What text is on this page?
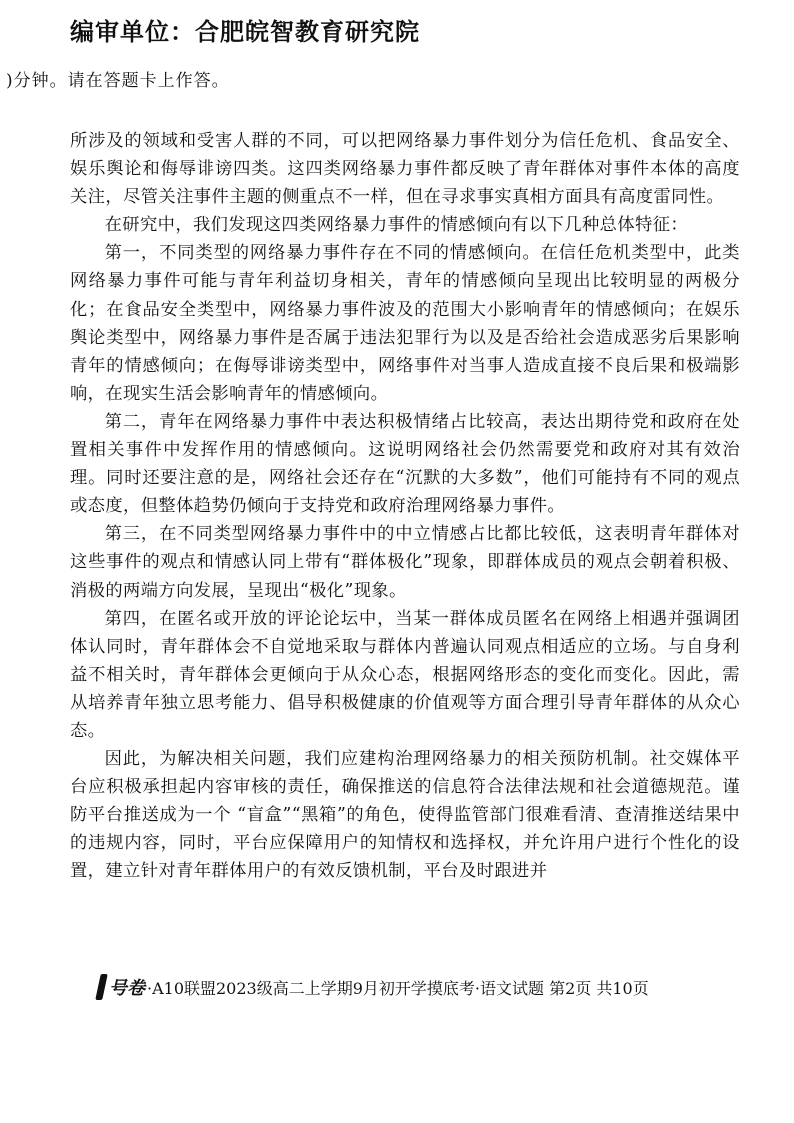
编审单位：合肥皖智教育研究院
)分钟。请在答题卡上作答。

所涉及的领域和受害人群的不同，可以把网络暴力事件划分为信任危机、食品安全、娱乐舆论和侮辱诽谤四类。这四类网络暴力事件都反映了青年群体对事件本体的高度关注，尽管关注事件主题的侧重点不一样，但在寻求事实真相方面具有高度雷同性。

在研究中，我们发现这四类网络暴力事件的情感倾向有以下几种总体特征：

第一，不同类型的网络暴力事件存在不同的情感倾向。在信任危机类型中，此类网络暴力事件可能与青年利益切身相关，青年的情感倾向呈现出比较明显的两极分化；在食品安全类型中，网络暴力事件波及的范围大小影响青年的情感倾向；在娱乐舆论类型中，网络暴力事件是否属于违法犯罪行为以及是否给社会造成恶劣后果影响青年的情感倾向；在侮辱诽谤类型中，网络事件对当事人造成直接不良后果和极端影响，在现实生活会影响青年的情感倾向。

第二，青年在网络暴力事件中表达积极情绪占比较高，表达出期待党和政府在处置相关事件中发挥作用的情感倾向。这说明网络社会仍然需要党和政府对其有效治理。同时还要注意的是，网络社会还存在“沉默的大多数”，他们可能持有不同的观点或态度，但整体趋势仍倾向于支持党和政府治理网络暴力事件。

第三，在不同类型网络暴力事件中的中立情感占比都比较低，这表明青年群体对这些事件的观点和情感认同上带有“群体极化”现象，即群体成员的观点会朝着积极、消极的两端方向发展，呈现出“极化”现象。

第四，在匿名或开放的评论论坛中，当某一群体成员匿名在网络上相遇并强调团体认同时，青年群体会不自觉地采取与群体内普遍认同观点相适应的立场。与自身利益不相关时，青年群体会更倾向于从众心态，根据网络形态的变化而变化。因此，需从培养青年独立思考能力、倡导积极健康的价值观等方面合理引导青年群体的从众心态。

因此，为解决相关问题，我们应建构治理网络暴力的相关预防机制。社交媒体平台应积极承担起内容审核的责任，确保推送的信息符合法律法规和社会道德规范。谨防平台推送成为一个 “盲盒”“黑箱”的角色，使得监管部门很难看清、查清推送结果中的违规内容，同时，平台应保障用户的知情权和选择权，并允许用户进行个性化的设置，建立针对青年群体用户的有效反馈机制，平台及时跟进并

号卷 ·A10联盟2023级高二上学期9月初开学摸底考·语文试题 第2页 共10页
